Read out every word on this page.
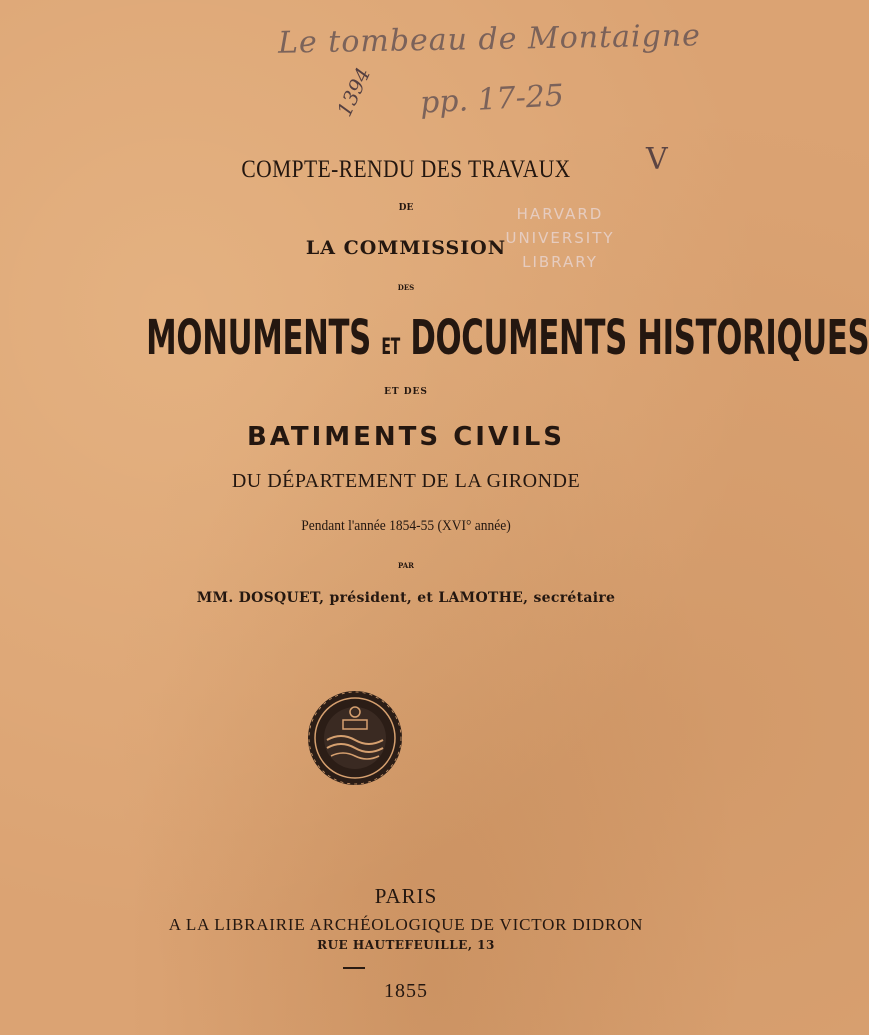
Le tombeau de Montaigne
pp. 17-25
1394
V
HARVARD
UNIVERSITY
LIBRARY
COMPTE-RENDU DES TRAVAUX
DE
LA COMMISSION
DES
MONUMENTS ET DOCUMENTS HISTORIQUES
ET DES
BATIMENTS CIVILS
DU DÉPARTEMENT DE LA GIRONDE
Pendant l'année 1854-55 (XVI° année)
PAR
MM. DOSQUET, président, et LAMOTHE, secrétaire
PARIS
A LA LIBRAIRIE ARCHÉOLOGIQUE DE VICTOR DIDRON
RUE HAUTEFEUILLE, 13
1855
